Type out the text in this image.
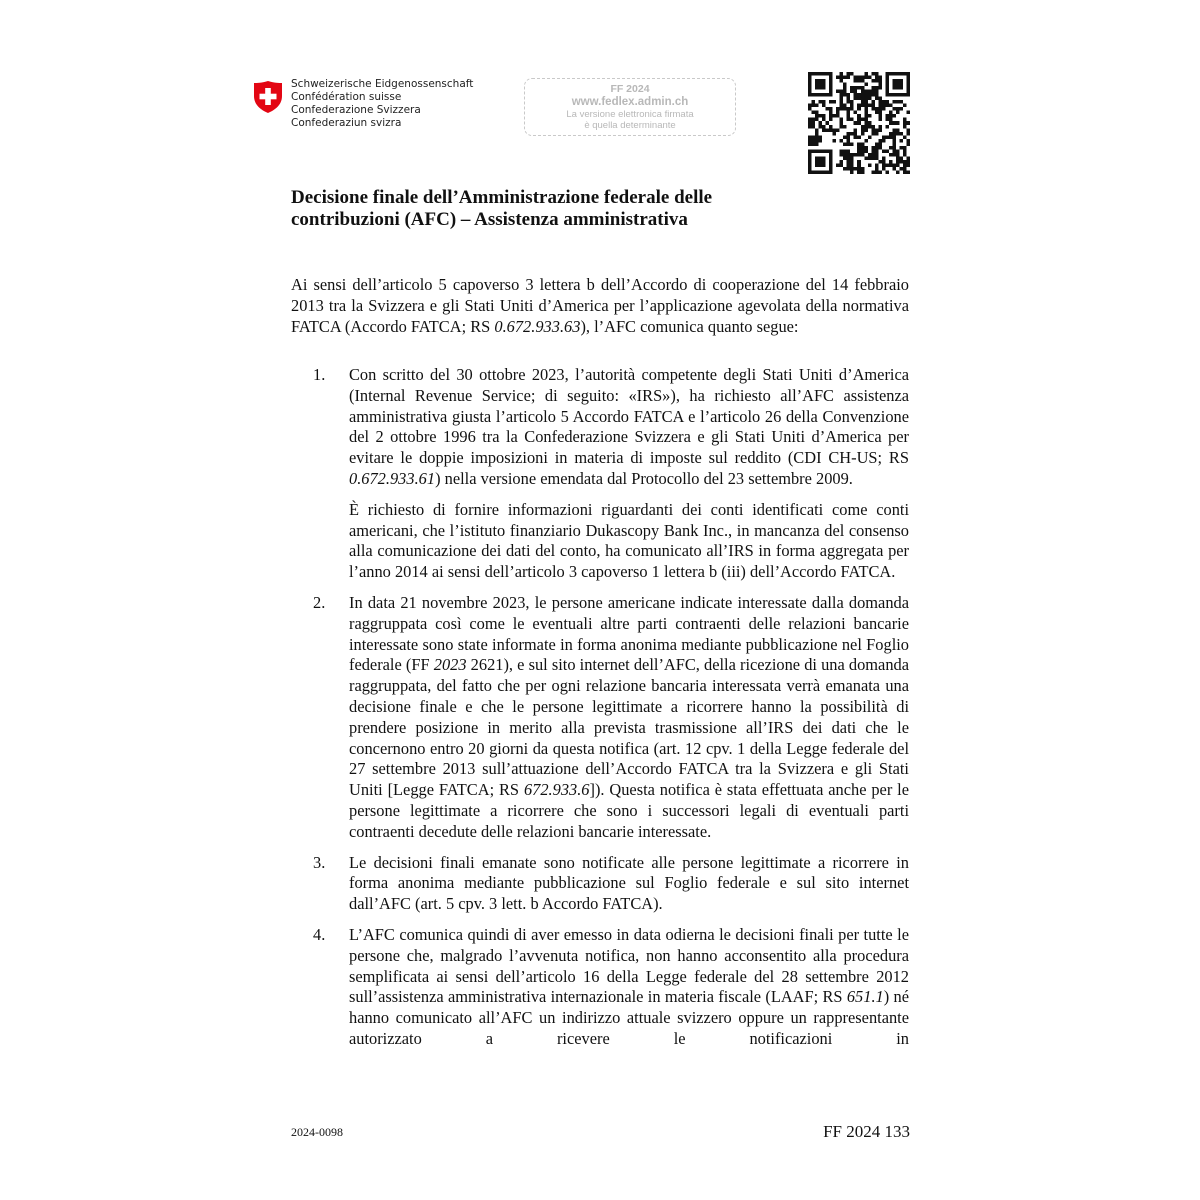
Schweizerische Eidgenossenschaft
Confédération suisse
Confederazione Svizzera
Confederaziun svizra
FF 2024
www.fedlex.admin.ch
La versione elettronica firmata
è quella determinante
Decisione finale dell’Amministrazione federale delle
contribuzioni (AFC) – Assistenza amministrativa
Ai sensi dell’articolo 5 capoverso 3 lettera b dell’Accordo di cooperazione del 14 febbraio 2013 tra la Svizzera e gli Stati Uniti d’America per l’applicazione agevolata della normativa FATCA (Accordo FATCA; RS 0.672.933.63), l’AFC comunica quanto segue:
1. Con scritto del 30 ottobre 2023, l’autorità competente degli Stati Uniti d’America (Internal Revenue Service; di seguito: «IRS»), ha richiesto all’AFC assistenza amministrativa giusta l’articolo 5 Accordo FATCA e l’articolo 26 della Convenzione del 2 ottobre 1996 tra la Confederazione Svizzera e gli Stati Uniti d’America per evitare le doppie imposizioni in materia di imposte sul reddito (CDI CH-US; RS 0.672.933.61) nella versione emendata dal Protocollo del 23 settembre 2009.

È richiesto di fornire informazioni riguardanti dei conti identificati come conti americani, che l’istituto finanziario Dukascopy Bank Inc., in mancanza del consenso alla comunicazione dei dati del conto, ha comunicato all’IRS in forma aggregata per l’anno 2014 ai sensi dell’articolo 3 capoverso 1 lettera b (iii) dell’Accordo FATCA.

2. In data 21 novembre 2023, le persone americane indicate interessate dalla domanda raggruppata così come le eventuali altre parti contraenti delle relazioni bancarie interessate sono state informate in forma anonima mediante pubblicazione nel Foglio federale (FF 2023 2621), e sul sito internet dell’AFC, della ricezione di una domanda raggruppata, del fatto che per ogni relazione bancaria interessata verrà emanata una decisione finale e che le persone legittimate a ricorrere hanno la possibilità di prendere posizione in merito alla prevista trasmissione all’IRS dei dati che le concernono entro 20 giorni da questa notifica (art. 12 cpv. 1 della Legge federale del 27 settembre 2013 sull’attuazione dell’Accordo FATCA tra la Svizzera e gli Stati Uniti [Legge FATCA; RS 672.933.6]). Questa notifica è stata effettuata anche per le persone legittimate a ricorrere che sono i successori legali di eventuali parti contraenti decedute delle relazioni bancarie interessate.

3. Le decisioni finali emanate sono notificate alle persone legittimate a ricorrere in forma anonima mediante pubblicazione sul Foglio federale e sul sito internet dall’AFC (art. 5 cpv. 3 lett. b Accordo FATCA).

4. L’AFC comunica quindi di aver emesso in data odierna le decisioni finali per tutte le persone che, malgrado l’avvenuta notifica, non hanno acconsentito alla procedura semplificata ai sensi dell’articolo 16 della Legge federale del 28 settembre 2012 sull’assistenza amministrativa internazionale in materia fiscale (LAAF; RS 651.1) né hanno comunicato all’AFC un indirizzo attuale svizzero oppure un rappresentante autorizzato a ricevere le notificazioni in

2024-0098	FF 2024 133
